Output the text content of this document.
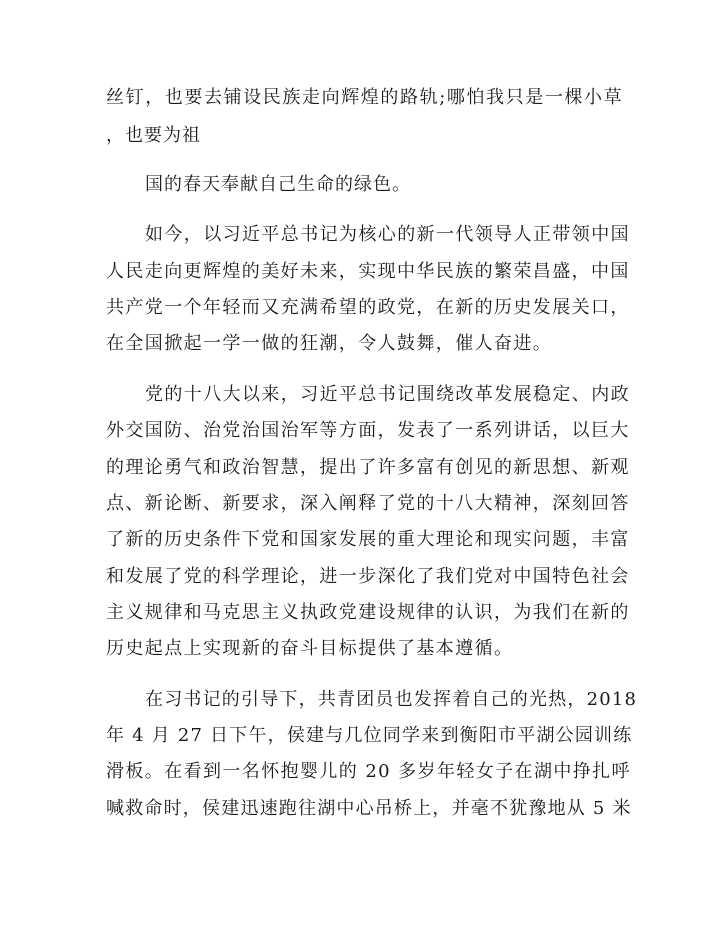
丝钉，也要去铺设民族走向辉煌的路轨;哪怕我只是一棵小草
，也要为祖
国的春天奉献自己生命的绿色。
如今，以习近平总书记为核心的新一代领导人正带领中国
人民走向更辉煌的美好未来，实现中华民族的繁荣昌盛，中国
共产党一个年轻而又充满希望的政党，在新的历史发展关口，
在全国掀起一学一做的狂潮，令人鼓舞，催人奋进。
党的十八大以来，习近平总书记围绕改革发展稳定、内政
外交国防、治党治国治军等方面，发表了一系列讲话，以巨大
的理论勇气和政治智慧，提出了许多富有创见的新思想、新观
点、新论断、新要求，深入阐释了党的十八大精神，深刻回答
了新的历史条件下党和国家发展的重大理论和现实问题，丰富
和发展了党的科学理论，进一步深化了我们党对中国特色社会
主义规律和马克思主义执政党建设规律的认识，为我们在新的
历史起点上实现新的奋斗目标提供了基本遵循。
在习书记的引导下，共青团员也发挥着自己的光热，2018
年 4 月 27 日下午，侯建与几位同学来到衡阳市平湖公园训练
滑板。在看到一名怀抱婴儿的 20 多岁年轻女子在湖中挣扎呼
喊救命时，侯建迅速跑往湖中心吊桥上，并毫不犹豫地从 5 米
